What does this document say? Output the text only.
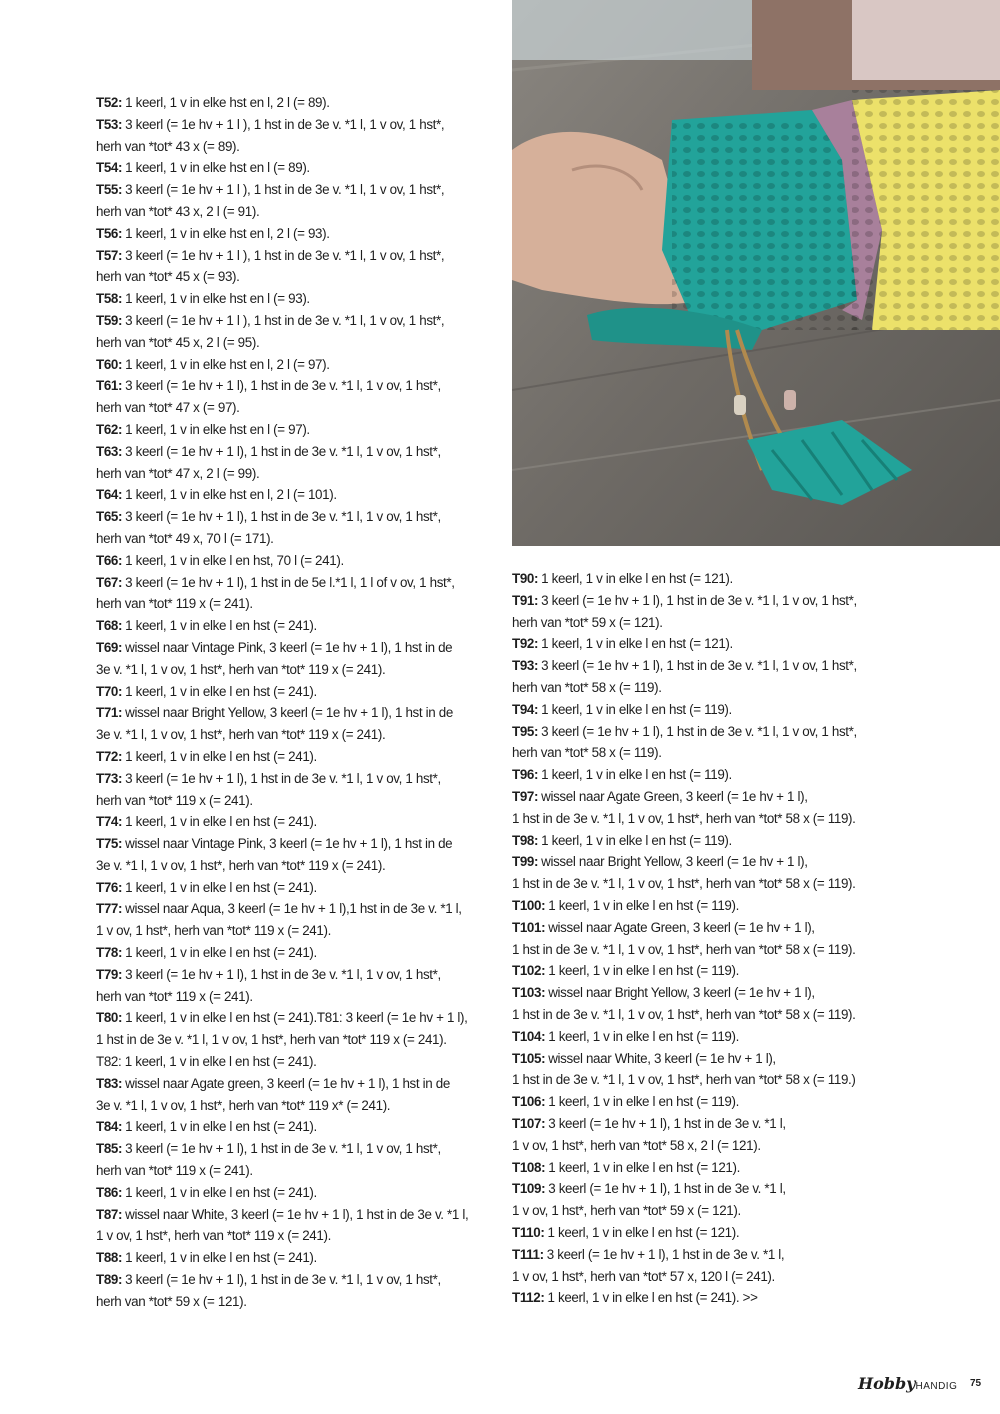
T52: 1 keerl, 1 v in elke hst en l, 2 l (= 89).
T53: 3 keerl (= 1e hv + 1 l ), 1 hst in de 3e v. *1 l, 1 v ov, 1 hst*,
herh van *tot* 43 x (= 89).
T54: 1 keerl, 1 v in elke hst en l (= 89).
T55: 3 keerl (= 1e hv + 1 l ), 1 hst in de 3e v. *1 l, 1 v ov, 1 hst*,
herh van *tot* 43 x, 2 l (= 91).
T56: 1 keerl, 1 v in elke hst en l, 2 l (= 93).
T57: 3 keerl (= 1e hv + 1 l ), 1 hst in de 3e v. *1 l, 1 v ov, 1 hst*,
herh van *tot* 45 x (= 93).
T58: 1 keerl, 1 v in elke hst en l (= 93).
T59: 3 keerl (= 1e hv + 1 l ), 1 hst in de 3e v. *1 l, 1 v ov, 1 hst*,
herh van *tot* 45 x, 2 l (= 95).
T60: 1 keerl, 1 v in elke hst en l, 2 l (= 97).
T61: 3 keerl (= 1e hv + 1 l), 1 hst in de 3e v. *1 l, 1 v ov, 1 hst*,
herh van *tot* 47 x (= 97).
T62: 1 keerl, 1 v in elke hst en l (= 97).
T63: 3 keerl (= 1e hv + 1 l), 1 hst in de 3e v. *1 l, 1 v ov, 1 hst*,
herh van *tot* 47 x, 2 l (= 99).
T64: 1 keerl, 1 v in elke hst en l, 2 l (= 101).
T65: 3 keerl (= 1e hv + 1 l), 1 hst in de 3e v. *1 l, 1 v ov, 1 hst*,
herh van *tot* 49 x, 70 l (= 171).
T66: 1 keerl, 1 v in elke l en hst, 70 l (= 241).
T67: 3 keerl (= 1e hv + 1 l), 1 hst in de 5e l.*1 l, 1 l of v ov, 1 hst*,
herh van *tot* 119 x (= 241).
T68: 1 keerl, 1 v in elke l en hst (= 241).
T69: wissel naar Vintage Pink, 3 keerl (= 1e hv + 1 l), 1 hst in de
3e v. *1 l, 1 v ov, 1 hst*, herh van *tot* 119 x (= 241).
T70: 1 keerl, 1 v in elke l en hst (= 241).
T71: wissel naar Bright Yellow, 3 keerl (= 1e hv + 1 l), 1 hst in de
3e v. *1 l, 1 v ov, 1 hst*, herh van *tot* 119 x (= 241).
T72: 1 keerl, 1 v in elke l en hst (= 241).
T73: 3 keerl (= 1e hv + 1 l), 1 hst in de 3e v. *1 l, 1 v ov, 1 hst*,
herh van *tot* 119 x (= 241).
T74: 1 keerl, 1 v in elke l en hst (= 241).
T75: wissel naar Vintage Pink, 3 keerl (= 1e hv + 1 l), 1 hst in de
3e v. *1 l, 1 v ov, 1 hst*, herh van *tot* 119 x (= 241).
T76: 1 keerl, 1 v in elke l en hst (= 241).
T77: wissel naar Aqua, 3 keerl (= 1e hv + 1 l),1 hst in de 3e v. *1 l,
1 v ov, 1 hst*, herh van *tot* 119 x (= 241).
T78: 1 keerl, 1 v in elke l en hst (= 241).
T79: 3 keerl (= 1e hv + 1 l), 1 hst in de 3e v. *1 l, 1 v ov, 1 hst*,
herh van *tot* 119 x (= 241).
T80: 1 keerl, 1 v in elke l en hst (= 241).T81: 3 keerl (= 1e hv + 1 l),
1 hst in de 3e v. *1 l, 1 v ov, 1 hst*, herh van *tot* 119 x (= 241).
T82: 1 keerl, 1 v in elke l en hst (= 241).
T83: wissel naar Agate green, 3 keerl (= 1e hv + 1 l), 1 hst in de
3e v. *1 l, 1 v ov, 1 hst*, herh van *tot* 119 x* (= 241).
T84: 1 keerl, 1 v in elke l en hst (= 241).
T85: 3 keerl (= 1e hv + 1 l), 1 hst in de 3e v. *1 l, 1 v ov, 1 hst*,
herh van *tot* 119 x (= 241).
T86: 1 keerl, 1 v in elke l en hst (= 241).
T87: wissel naar White, 3 keerl (= 1e hv + 1 l), 1 hst in de 3e v. *1 l,
1 v ov, 1 hst*, herh van *tot* 119 x (= 241).
T88: 1 keerl, 1 v in elke l en hst (= 241).
T89: 3 keerl (= 1e hv + 1 l), 1 hst in de 3e v. *1 l, 1 v ov, 1 hst*,
herh van *tot* 59 x (= 121).
T90: 1 keerl, 1 v in elke l en hst (= 121).
T91: 3 keerl (= 1e hv + 1 l), 1 hst in de 3e v. *1 l, 1 v ov, 1 hst*,
herh van *tot* 59 x (= 121).
T92: 1 keerl, 1 v in elke l en hst (= 121).
T93: 3 keerl (= 1e hv + 1 l), 1 hst in de 3e v. *1 l, 1 v ov, 1 hst*,
herh van *tot* 58 x (= 119).
T94: 1 keerl, 1 v in elke l en hst (= 119).
T95: 3 keerl (= 1e hv + 1 l), 1 hst in de 3e v. *1 l, 1 v ov, 1 hst*,
herh van *tot* 58 x (= 119).
T96: 1 keerl, 1 v in elke l en hst (= 119).
T97: wissel naar Agate Green, 3 keerl (= 1e hv + 1 l),
1 hst in de 3e v. *1 l, 1 v ov, 1 hst*, herh van *tot* 58 x (= 119).
T98: 1 keerl, 1 v in elke l en hst (= 119).
T99: wissel naar Bright Yellow, 3 keerl (= 1e hv + 1 l),
1 hst in de 3e v. *1 l, 1 v ov, 1 hst*, herh van *tot* 58 x (= 119).
T100: 1 keerl, 1 v in elke l en hst (= 119).
T101: wissel naar Agate Green, 3 keerl (= 1e hv + 1 l),
1 hst in de 3e v. *1 l, 1 v ov, 1 hst*, herh van *tot* 58 x (= 119).
T102: 1 keerl, 1 v in elke l en hst (= 119).
T103: wissel naar Bright Yellow, 3 keerl (= 1e hv + 1 l),
1 hst in de 3e v. *1 l, 1 v ov, 1 hst*, herh van *tot* 58 x (= 119).
T104: 1 keerl, 1 v in elke l en hst (= 119).
T105: wissel naar White, 3 keerl (= 1e hv + 1 l),
1 hst in de 3e v. *1 l, 1 v ov, 1 hst*, herh van *tot* 58 x (= 119.)
T106: 1 keerl, 1 v in elke l en hst (= 119).
T107: 3 keerl (= 1e hv + 1 l), 1 hst in de 3e v. *1 l,
1 v ov, 1 hst*, herh van *tot* 58 x, 2 l (= 121).
T108: 1 keerl, 1 v in elke l en hst (= 121).
T109: 3 keerl (= 1e hv + 1 l), 1 hst in de 3e v. *1 l,
1 v ov, 1 hst*, herh van *tot* 59 x (= 121).
T110: 1 keerl, 1 v in elke l en hst (= 121).
T111: 3 keerl (= 1e hv + 1 l), 1 hst in de 3e v. *1 l,
1 v ov, 1 hst*, herh van *tot* 57 x, 120 l (= 241).
T112: 1 keerl, 1 v in elke l en hst (= 241). >>
HobbyHANDIG 75
